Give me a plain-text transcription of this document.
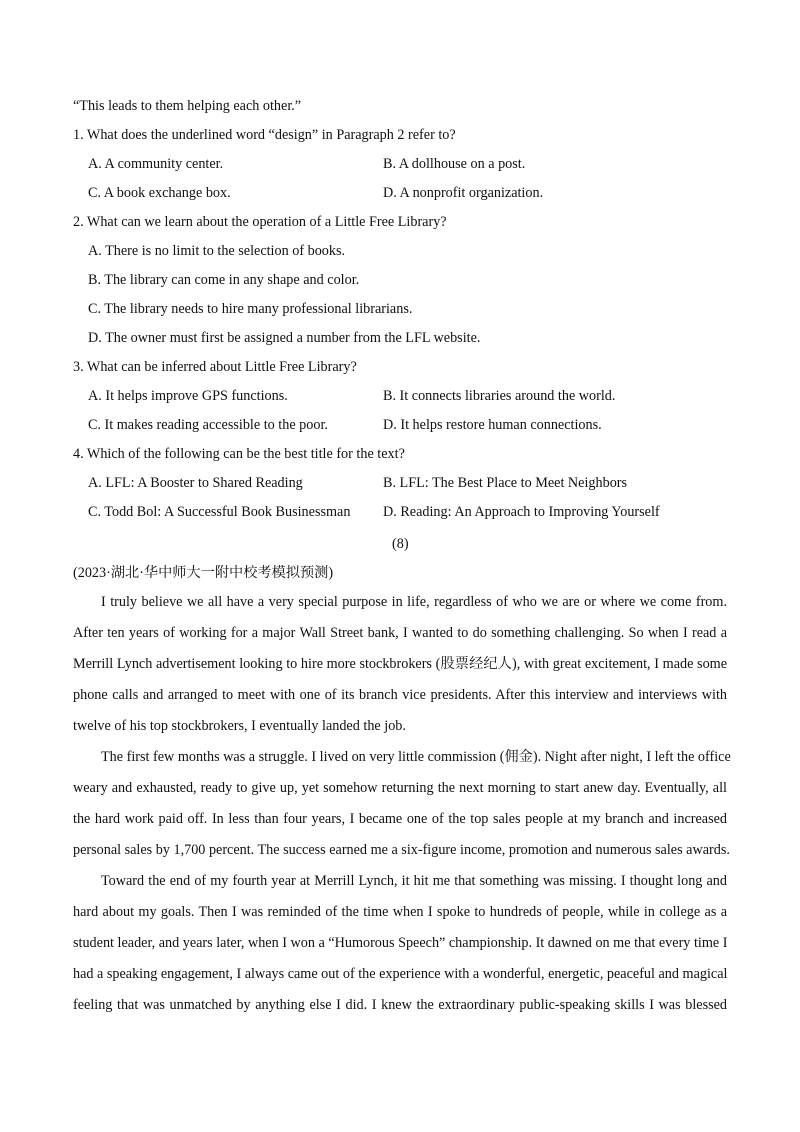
“This leads to them helping each other.”
1. What does the underlined word “design” in Paragraph 2 refer to?
A. A community center.	B. A dollhouse on a post.
C. A book exchange box.	D. A nonprofit organization.
2. What can we learn about the operation of a Little Free Library?
A. There is no limit to the selection of books.
B. The library can come in any shape and color.
C. The library needs to hire many professional librarians.
D. The owner must first be assigned a number from the LFL website.
3. What can be inferred about Little Free Library?
A. It helps improve GPS functions.	B. It connects libraries around the world.
C. It makes reading accessible to the poor.	D. It helps restore human connections.
4. Which of the following can be the best title for the text?
A. LFL: A Booster to Shared Reading	B. LFL: The Best Place to Meet Neighbors
C. Todd Bol: A Successful Book Businessman D. Reading: An Approach to Improving Yourself
(8)
(2023·湖北·华中师大一附中校考模拟预测)
I truly believe we all have a very special purpose in life, regardless of who we are or where we come from.
After ten years of working for a major Wall Street bank, I wanted to do something challenging. So when I read a
Merrill Lynch advertisement looking to hire more stockbrokers (股票经纪人), with great excitement, I made some
phone calls and arranged to meet with one of its branch vice presidents. After this interview and interviews with
twelve of his top stockbrokers, I eventually landed the job.
The first few months was a struggle. I lived on very little commission (佣金). Night after night, I left the office
weary and exhausted, ready to give up, yet somehow returning the next morning to start anew day. Eventually, all
the hard work paid off. In less than four years, I became one of the top sales people at my branch and increased
personal sales by 1,700 percent. The success earned me a six-figure income, promotion and numerous sales awards.
Toward the end of my fourth year at Merrill Lynch, it hit me that something was missing. I thought long and
hard about my goals. Then I was reminded of the time when I spoke to hundreds of people, while in college as a
student leader, and years later, when I won a “Humorous Speech” championship. It dawned on me that every time I
had a speaking engagement, I always came out of the experience with a wonderful, energetic, peaceful and magical
feeling that was unmatched by anything else I did. I knew the extraordinary public-speaking skills I was blessed
